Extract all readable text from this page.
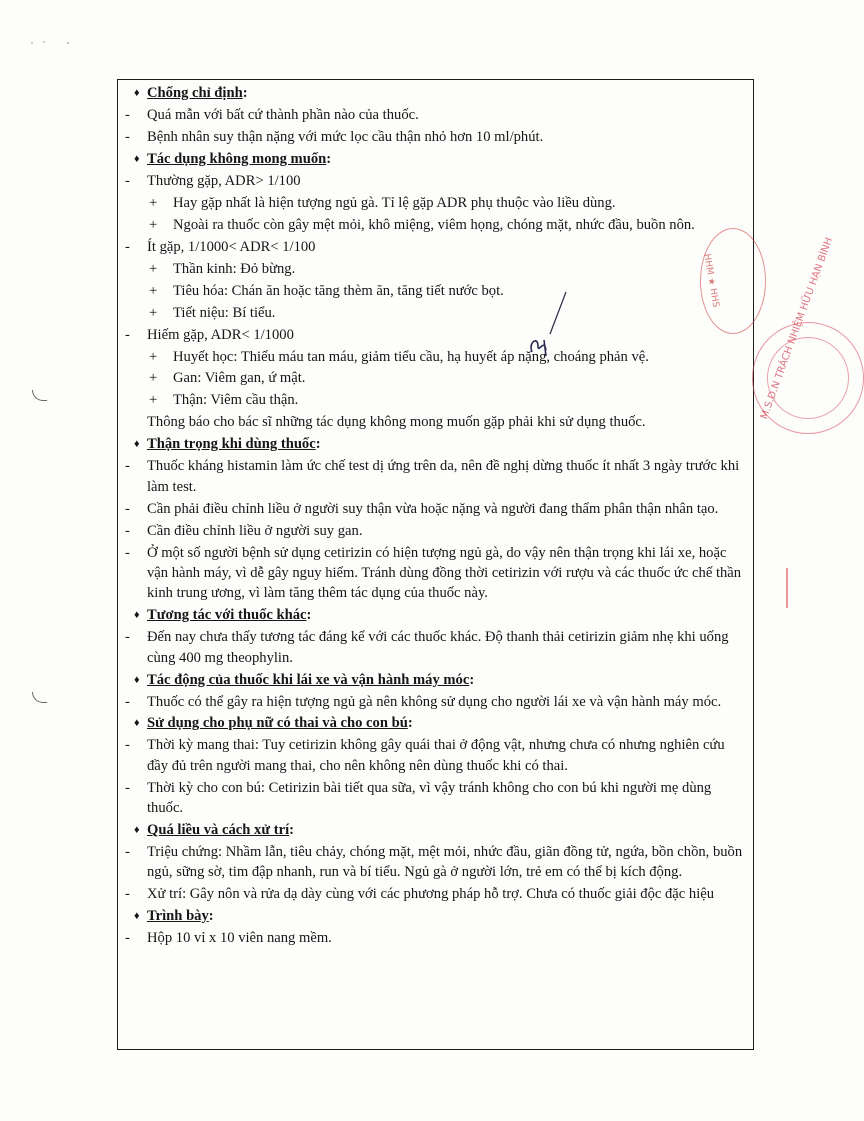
♦ Chống chỉ định:
- Quá mẫn với bất cứ thành phần nào của thuốc.
- Bệnh nhân suy thận nặng với mức lọc cầu thận nhỏ hơn 10 ml/phút.
♦ Tác dụng không mong muốn:
- Thường gặp, ADR> 1/100
+ Hay gặp nhất là hiện tượng ngủ gà. Tỉ lệ gặp ADR phụ thuộc vào liều dùng.
+ Ngoài ra thuốc còn gây mệt mỏi, khô miệng, viêm họng, chóng mặt, nhức đầu, buồn nôn.
- Ít gặp, 1/1000< ADR< 1/100
+ Thần kinh: Đỏ bừng.
+ Tiêu hóa: Chán ăn hoặc tăng thèm ăn, tăng tiết nước bọt.
+ Tiết niệu: Bí tiểu.
- Hiếm gặp, ADR< 1/1000
+ Huyết học: Thiếu máu tan máu, giảm tiểu cầu, hạ huyết áp nặng, choáng phản vệ.
+ Gan: Viêm gan, ứ mật.
+ Thận: Viêm cầu thận.
Thông báo cho bác sĩ những tác dụng không mong muốn gặp phải khi sử dụng thuốc.
♦ Thận trọng khi dùng thuốc:
- Thuốc kháng histamin làm ức chế test dị ứng trên da, nên đề nghị dừng thuốc ít nhất 3 ngày trước khi làm test.
- Cần phải điều chỉnh liều ở người suy thận vừa hoặc nặng và người đang thẩm phân thận nhân tạo.
- Cần điều chỉnh liều ở người suy gan.
- Ở một số người bệnh sử dụng cetirizin có hiện tượng ngủ gà, do vậy nên thận trọng khi lái xe, hoặc vận hành máy, vì dễ gây nguy hiểm. Tránh dùng đồng thời cetirizin với rượu và các thuốc ức chế thần kinh trung ương, vì làm tăng thêm tác dụng của thuốc này.
♦ Tương tác với thuốc khác:
- Đến nay chưa thấy tương tác đáng kể với các thuốc khác. Độ thanh thải cetirizin giảm nhẹ khi uống cùng 400 mg theophylin.
♦ Tác động của thuốc khi lái xe và vận hành máy móc:
- Thuốc có thể gây ra hiện tượng ngủ gà nên không sử dụng cho người lái xe và vận hành máy móc.
♦ Sử dụng cho phụ nữ có thai và cho con bú:
- Thời kỳ mang thai: Tuy cetirizin không gây quái thai ở động vật, nhưng chưa có nhưng nghiên cứu đầy đủ trên người mang thai, cho nên không nên dùng thuốc khi có thai.
- Thời kỳ cho con bú: Cetirizin bài tiết qua sữa, vì vậy tránh không cho con bú khi người mẹ dùng thuốc.
♦ Quá liều và cách xử trí:
- Triệu chứng: Nhầm lẫn, tiêu chảy, chóng mặt, mệt mỏi, nhức đầu, giãn đồng tử, ngứa, bồn chồn, buồn ngủ, sững sờ, tim đập nhanh, run và bí tiểu. Ngủ gà ở người lớn, trẻ em có thể bị kích động.
- Xử trí: Gây nôn và rửa dạ dày cùng với các phương pháp hỗ trợ. Chưa có thuốc giải độc đặc hiệu
♦ Trình bày:
- Hộp 10 vỉ x 10 viên nang mềm.
HHM ★ HHS	M.S.D.N TRÁCH NHIỆM HỮU HẠN BÌNH
